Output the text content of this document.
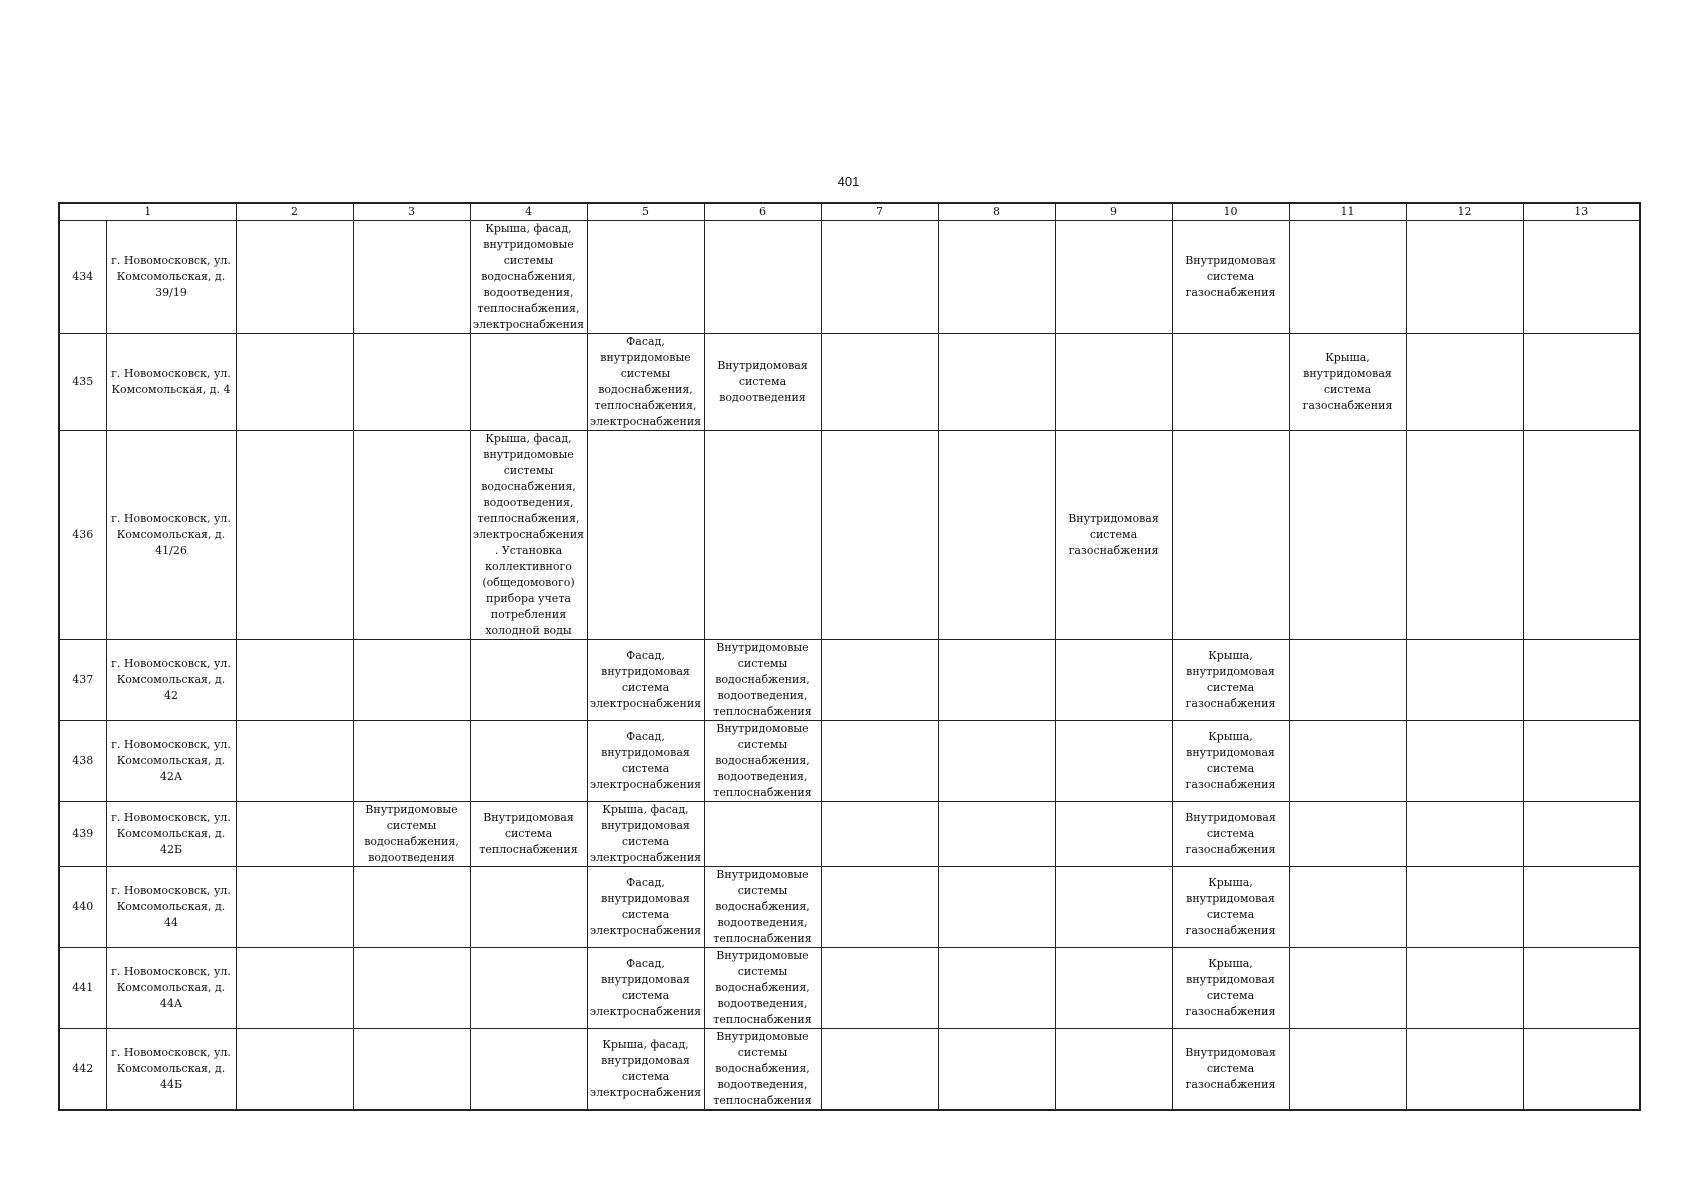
401
1		2	3	4	5	6	7	8	9	10	11	12	13
434	г. Новомосковск, ул. Комсомольская, д. 39/19			Крыша, фасад, внутридомовые системы водоснабжения, водоотведения, теплоснабжения, электроснабжения						Внутридомовая система газоснабжения			
435	г. Новомосковск, ул. Комсомольская, д. 4				Фасад, внутридомовые системы водоснабжения, теплоснабжения, электроснабжения	Внутридомовая система водоотведения					Крыша, внутридомовая система газоснабжения		
436	г. Новомосковск, ул. Комсомольская, д. 41/26			Крыша, фасад, внутридомовые системы водоснабжения, водоотведения, теплоснабжения, электроснабжения. Установка коллективного (общедомового) прибора учета потребления холодной воды					Внутридомовая система газоснабжения				
437	г. Новомосковск, ул. Комсомольская, д. 42				Фасад, внутридомовая система электроснабжения	Внутридомовые системы водоснабжения, водоотведения, теплоснабжения				Крыша, внутридомовая система газоснабжения			
438	г. Новомосковск, ул. Комсомольская, д. 42А				Фасад, внутридомовая система электроснабжения	Внутридомовые системы водоснабжения, водоотведения, теплоснабжения				Крыша, внутридомовая система газоснабжения			
439	г. Новомосковск, ул. Комсомольская, д. 42Б		Внутридомовые системы водоснабжения, водоотведения	Внутридомовая система теплоснабжения	Крыша, фасад, внутридомовая система электроснабжения					Внутридомовая система газоснабжения			
440	г. Новомосковск, ул. Комсомольская, д. 44				Фасад, внутридомовая система электроснабжения	Внутридомовые системы водоснабжения, водоотведения, теплоснабжения				Крыша, внутридомовая система газоснабжения			
441	г. Новомосковск, ул. Комсомольская, д. 44А				Фасад, внутридомовая система электроснабжения	Внутридомовые системы водоснабжения, водоотведения, теплоснабжения				Крыша, внутридомовая система газоснабжения			
442	г. Новомосковск, ул. Комсомольская, д. 44Б				Крыша, фасад, внутридомовая система электроснабжения	Внутридомовые системы водоснабжения, водоотведения, теплоснабжения				Внутридомовая система газоснабжения			
